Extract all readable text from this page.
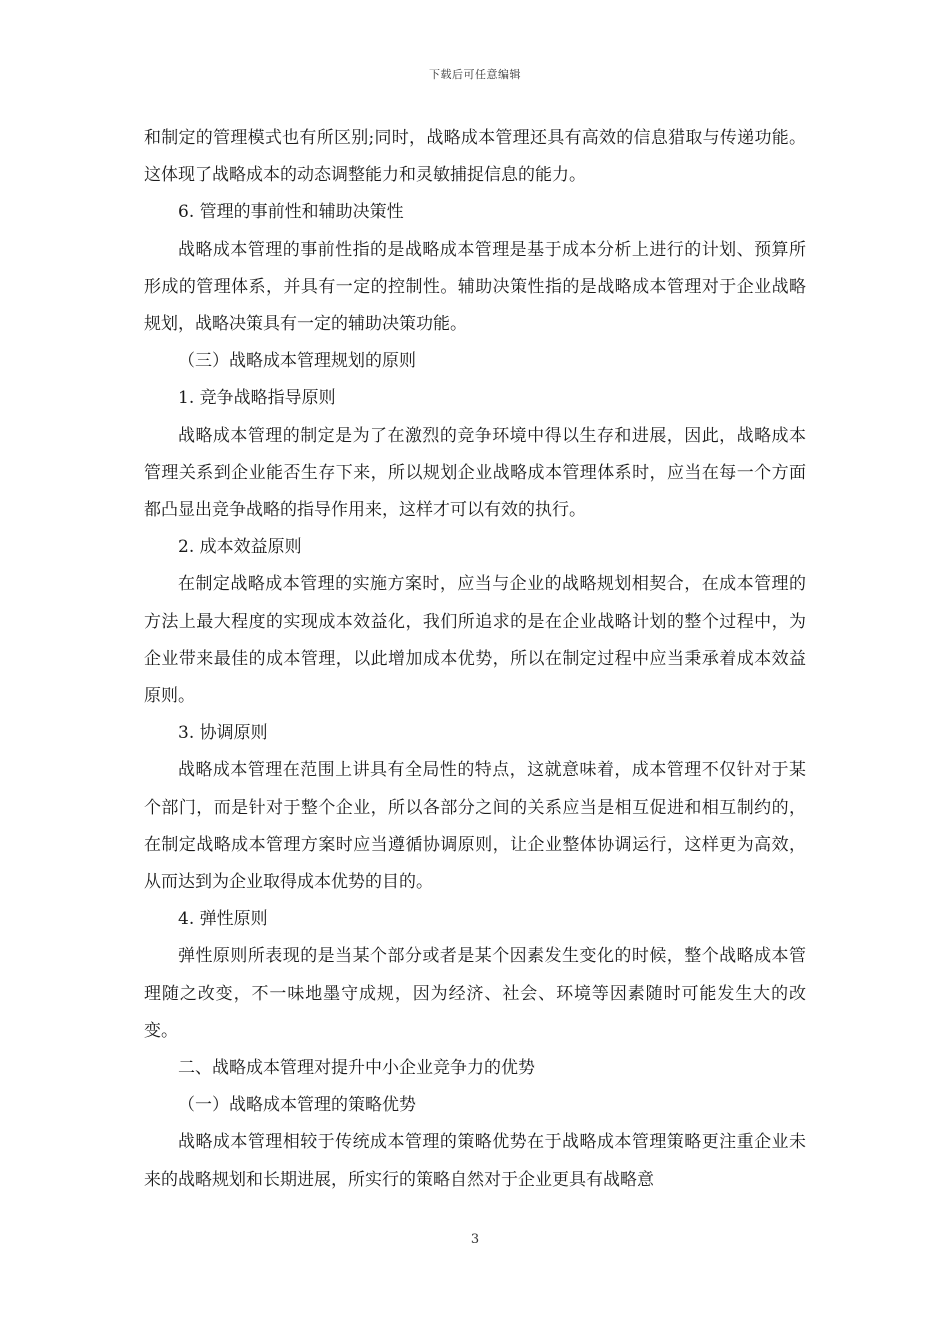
下载后可任意编辑

和制定的管理模式也有所区别;同时，战略成本管理还具有高效的信息猎取与传递功能。这体现了战略成本的动态调整能力和灵敏捕捉信息的能力。

6. 管理的事前性和辅助决策性

战略成本管理的事前性指的是战略成本管理是基于成本分析上进行的计划、预算所形成的管理体系，并具有一定的控制性。辅助决策性指的是战略成本管理对于企业战略规划，战略决策具有一定的辅助决策功能。

（三）战略成本管理规划的原则

1. 竞争战略指导原则

战略成本管理的制定是为了在激烈的竞争环境中得以生存和进展，因此，战略成本管理关系到企业能否生存下来，所以规划企业战略成本管理体系时，应当在每一个方面都凸显出竞争战略的指导作用来，这样才可以有效的执行。

2. 成本效益原则

在制定战略成本管理的实施方案时，应当与企业的战略规划相契合，在成本管理的方法上最大程度的实现成本效益化，我们所追求的是在企业战略计划的整个过程中，为企业带来最佳的成本管理，以此增加成本优势，所以在制定过程中应当秉承着成本效益原则。

3. 协调原则

战略成本管理在范围上讲具有全局性的特点，这就意味着，成本管理不仅针对于某个部门，而是针对于整个企业，所以各部分之间的关系应当是相互促进和相互制约的，在制定战略成本管理方案时应当遵循协调原则，让企业整体协调运行，这样更为高效，从而达到为企业取得成本优势的目的。

4. 弹性原则

弹性原则所表现的是当某个部分或者是某个因素发生变化的时候，整个战略成本管理随之改变，不一味地墨守成规，因为经济、社会、环境等因素随时可能发生大的改变。

二、战略成本管理对提升中小企业竞争力的优势

（一）战略成本管理的策略优势

战略成本管理相较于传统成本管理的策略优势在于战略成本管理策略更注重企业未来的战略规划和长期进展，所实行的策略自然对于企业更具有战略意

3
